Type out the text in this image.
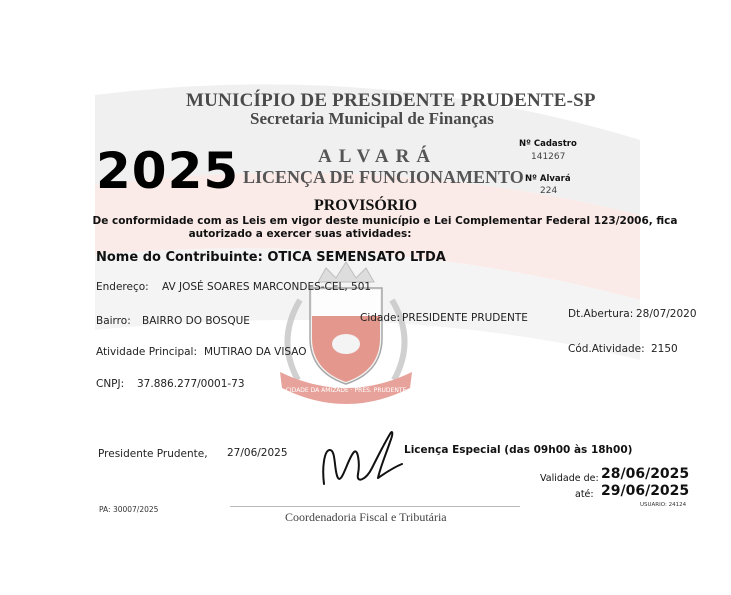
CIDADE DA AMIZADE · PRES. PRUDENTE
MUNICÍPIO DE PRESIDENTE PRUDENTE-SP
Secretaria Municipal de Finanças
2025	ALVARÁ
LICENÇA DE FUNCIONAMENTO
Nº Cadastro
141267
Nº Alvará
224
PROVISÓRIO
De conformidade com as Leis em vigor deste município e Lei Complementar Federal 123/2006, fica
autorizado a exercer suas atividades:
Nome do Contribuinte: OTICA SEMENSATO LTDA
Endereço: AV JOSÉ SOARES MARCONDES-CEL, 501
Bairro: BAIRRO DO BOSQUE	Cidade: PRESIDENTE PRUDENTE	Dt.Abertura: 28/07/2020
Atividade Principal: MUTIRAO DA VISAO	Cód.Atividade: 2150
CNPJ: 37.886.277/0001-73
Presidente Prudente, 27/06/2025	Licença Especial (das 09h00 às 18h00)
Validade de: 28/06/2025
até: 29/06/2025
USUARIO: 24124
PA: 30007/2025
Coordenadoria Fiscal e Tributária
